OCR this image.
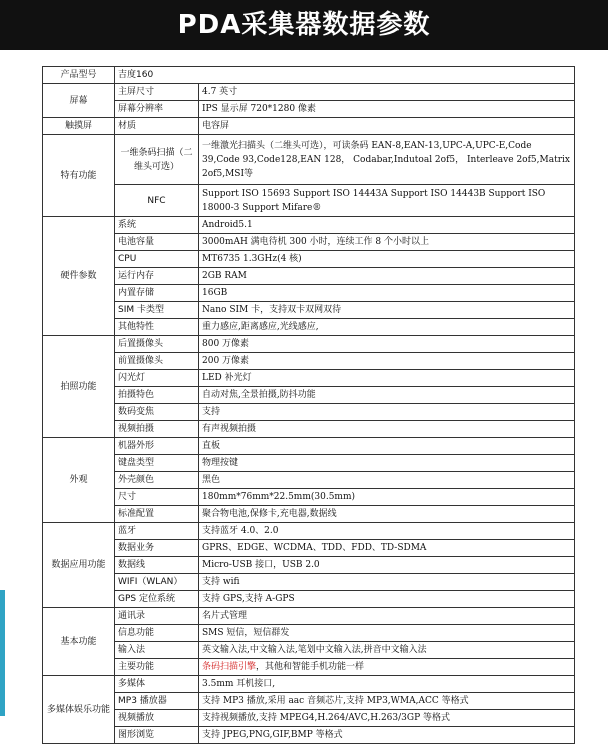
PDA采集器数据参数
产品型号	吉度160	
屏幕	主屏尺寸	4.7 英寸
	屏幕分辨率	IPS 显示屏 720*1280 像素
触摸屏	材质	电容屏
特有功能	一维条码扫描（二维头可选）	一维激光扫描头（二维头可选），可读条码 EAN-8,EAN-13,UPC-A,UPC-E,Code 39,Code 93,Code128,EAN 128， Codabar,Indutoal 2of5， Interleave 2of5,Matrix 2of5,MSI等
	NFC	Support ISO 15693 Support ISO 14443A Support ISO 14443B Support ISO 18000-3 Support Mifare®
硬件参数	系统	Android5.1
	电池容量	3000mAH 满电待机 300 小时，连续工作 8 个小时以上
	CPU	MT6735 1.3GHz(4 核)
	运行内存	2GB RAM
	内置存储	16GB
	SIM 卡类型	Nano SIM 卡，支持双卡双网双待
	其他特性	重力感应,距离感应,光线感应,
拍照功能	后置摄像头	800 万像素
	前置摄像头	200 万像素
	闪光灯	LED 补光灯
	拍摄特色	自动对焦,全景拍摄,防抖功能
	数码变焦	支持
	视频拍摄	有声视频拍摄
外观	机器外形	直板
	键盘类型	物理按键
	外壳颜色	黑色
	尺寸	180mm*76mm*22.5mm(30.5mm)
	标准配置	聚合物电池,保修卡,充电器,数据线
数据应用功能	蓝牙	支持蓝牙 4.0、2.0
	数据业务	GPRS、EDGE、WCDMA、TDD、FDD、TD-SDMA
	数据线	Micro-USB 接口，USB 2.0
	WIFI（WLAN）	支持 wifi
	GPS 定位系统	支持 GPS,支持 A-GPS
基本功能	通讯录	名片式管理
	信息功能	SMS 短信，短信群发
	输入法	英文输入法,中文输入法,笔划中文输入法,拼音中文输入法
	主要功能	条码扫描引擎，其他和智能手机功能一样
多媒体娱乐功能	多媒体	3.5mm 耳机接口,
	MP3 播放器	支持 MP3 播放,采用 aac 音频芯片,支持 MP3,WMA,ACC 等格式
	视频播放	支持视频播放,支持 MPEG4,H.264/AVC,H.263/3GP 等格式
	图形浏览	支持 JPEG,PNG,GIF,BMP 等格式
